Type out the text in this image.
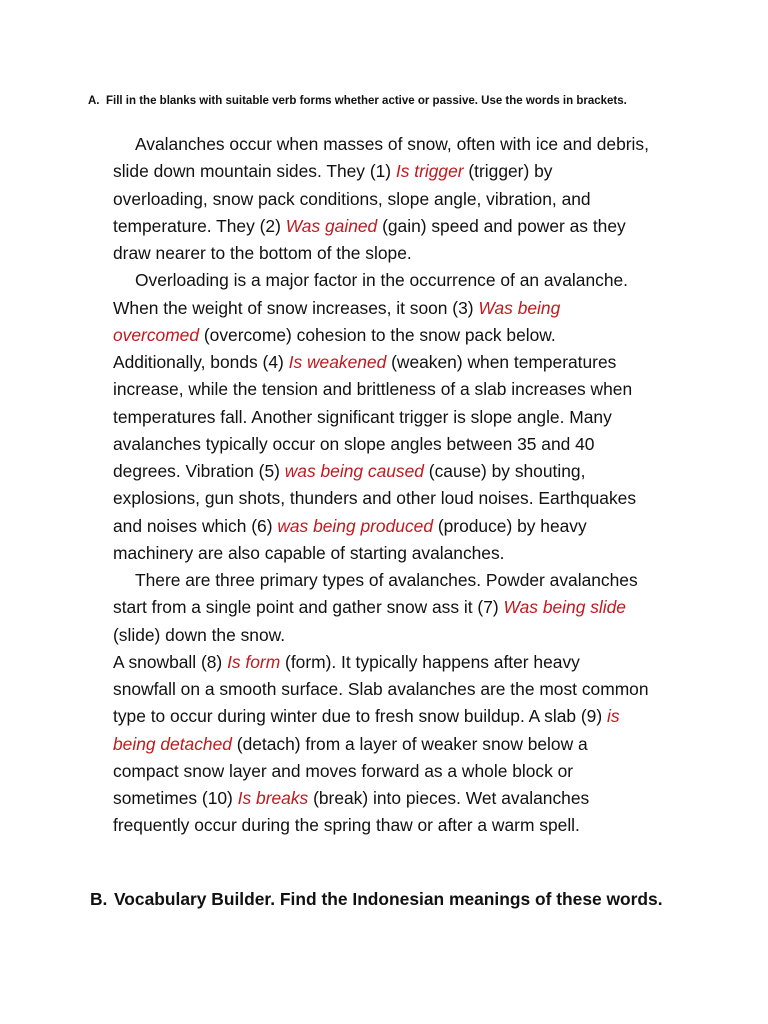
A. Fill in the blanks with suitable verb forms whether active or passive. Use the words in brackets.
Avalanches occur when masses of snow, often with ice and debris,
slide down mountain sides. They (1) Is trigger (trigger) by
overloading, snow pack conditions, slope angle, vibration, and
temperature. They (2) Was gained (gain) speed and power as they
draw nearer to the bottom of the slope.
Overloading is a major factor in the occurrence of an avalanche.
When the weight of snow increases, it soon (3) Was being
overcomed (overcome) cohesion to the snow pack below.
Additionally, bonds (4) Is weakened (weaken) when temperatures
increase, while the tension and brittleness of a slab increases when
temperatures fall. Another significant trigger is slope angle. Many
avalanches typically occur on slope angles between 35 and 40
degrees. Vibration (5) was being caused (cause) by shouting,
explosions, gun shots, thunders and other loud noises. Earthquakes
and noises which (6) was being produced (produce) by heavy
machinery are also capable of starting avalanches.
There are three primary types of avalanches. Powder avalanches
start from a single point and gather snow ass it (7) Was being slide
(slide) down the snow.
A snowball (8) Is form (form). It typically happens after heavy
snowfall on a smooth surface. Slab avalanches are the most common
type to occur during winter due to fresh snow buildup. A slab (9) is
being detached (detach) from a layer of weaker snow below a
compact snow layer and moves forward as a whole block or
sometimes (10) Is breaks (break) into pieces. Wet avalanches
frequently occur during the spring thaw or after a warm spell.
B. Vocabulary Builder. Find the Indonesian meanings of these words.
